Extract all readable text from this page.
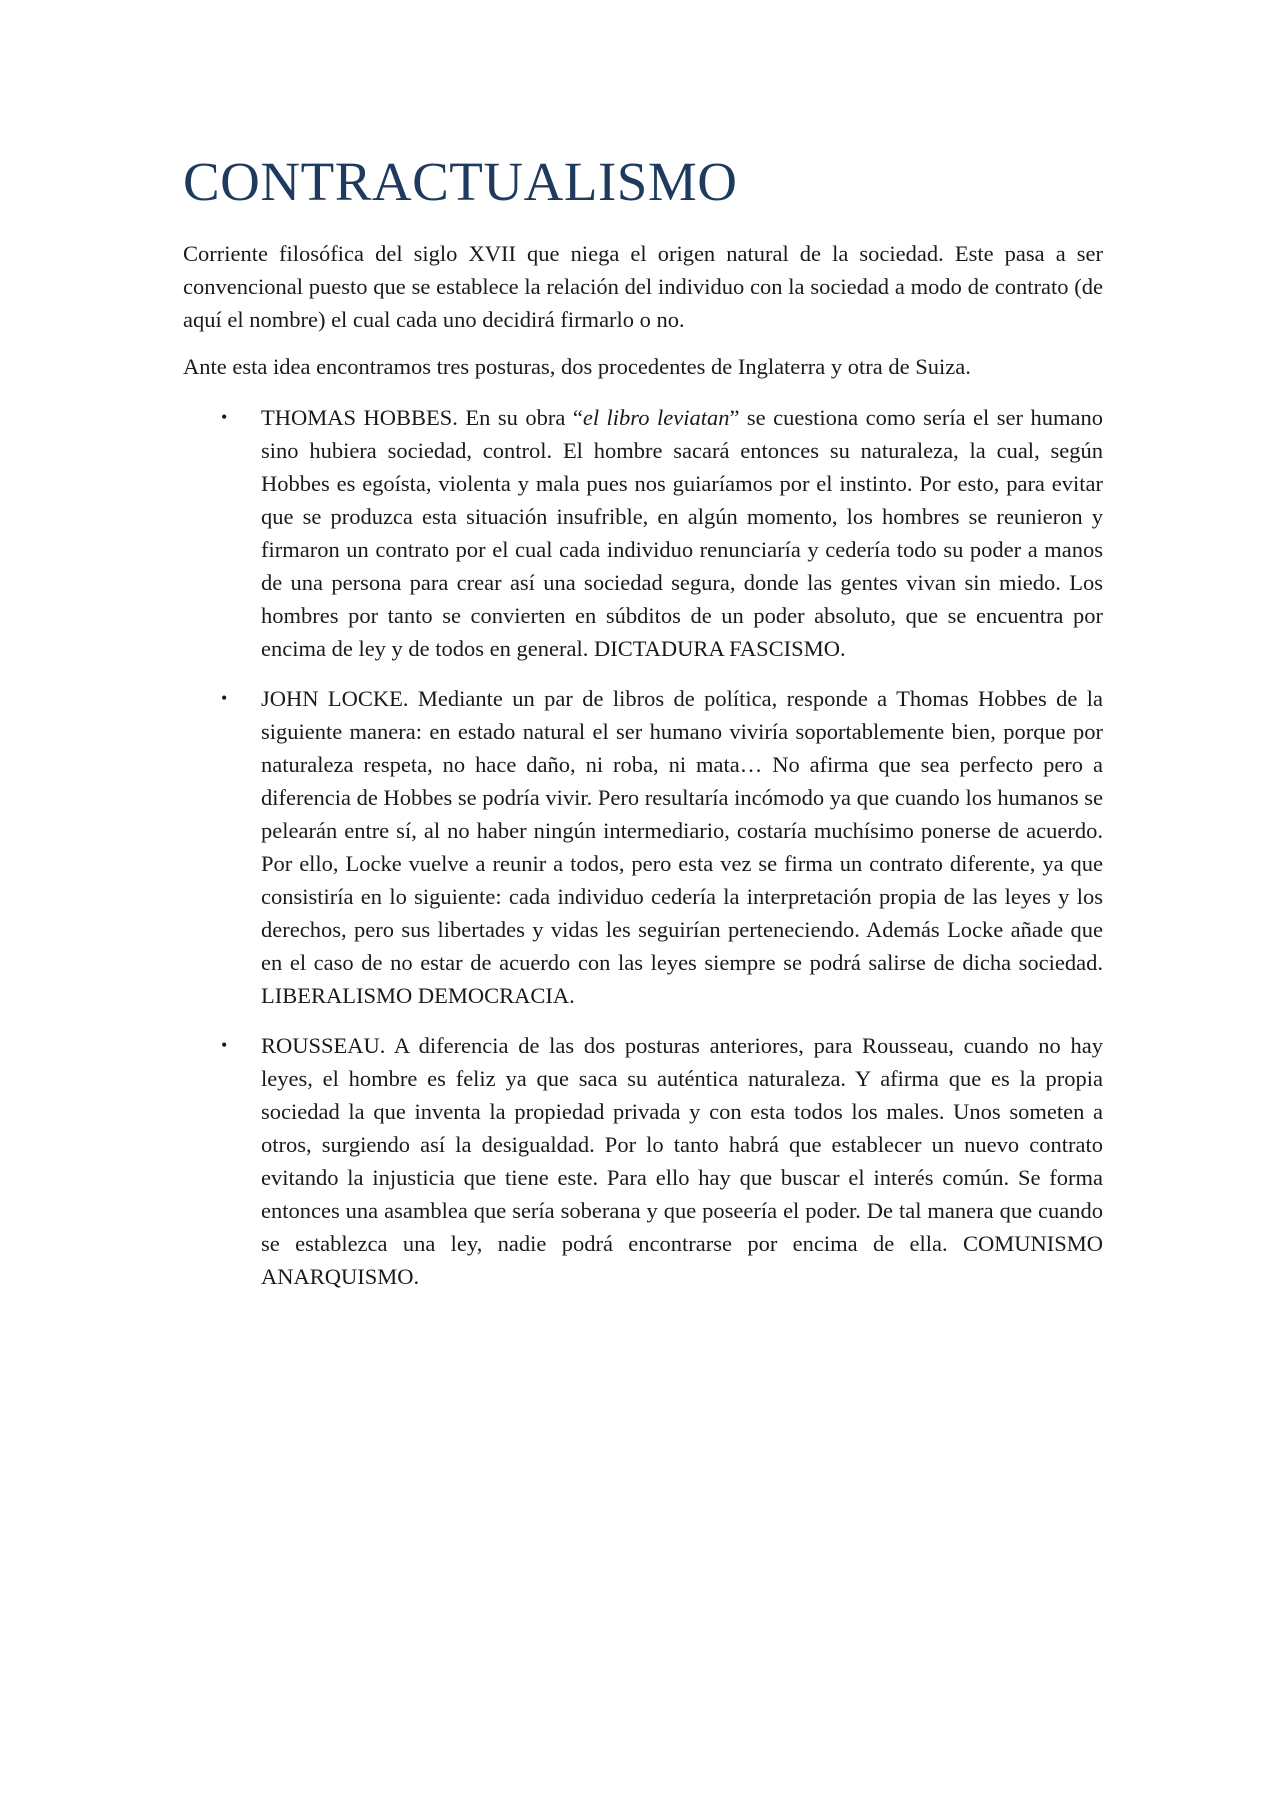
CONTRACTUALISMO

Corriente filosófica del siglo XVII que niega el origen natural de la sociedad. Este pasa a ser convencional puesto que se establece la relación del individuo con la sociedad a modo de contrato (de aquí el nombre) el cual cada uno decidirá firmarlo o no.

Ante esta idea encontramos tres posturas, dos procedentes de Inglaterra y otra de Suiza.

• THOMAS HOBBES. En su obra “el libro leviatan” se cuestiona como sería el ser humano sino hubiera sociedad, control. El hombre sacará entonces su naturaleza, la cual, según Hobbes es egoísta, violenta y mala pues nos guiaríamos por el instinto. Por esto, para evitar que se produzca esta situación insufrible, en algún momento, los hombres se reunieron y firmaron un contrato por el cual cada individuo renunciaría y cedería todo su poder a manos de una persona para crear así una sociedad segura, donde las gentes vivan sin miedo. Los hombres por tanto se convierten en súbditos de un poder absoluto, que se encuentra por encima de ley y de todos en general. DICTADURA FASCISMO.
• JOHN LOCKE. Mediante un par de libros de política, responde a Thomas Hobbes de la siguiente manera: en estado natural el ser humano viviría soportablemente bien, porque por naturaleza respeta, no hace daño, ni roba, ni mata… No afirma que sea perfecto pero a diferencia de Hobbes se podría vivir. Pero resultaría incómodo ya que cuando los humanos se pelearán entre sí, al no haber ningún intermediario, costaría muchísimo ponerse de acuerdo. Por ello, Locke vuelve a reunir a todos, pero esta vez se firma un contrato diferente, ya que consistiría en lo siguiente: cada individuo cedería la interpretación propia de las leyes y los derechos, pero sus libertades y vidas les seguirían perteneciendo. Además Locke añade que en el caso de no estar de acuerdo con las leyes siempre se podrá salirse de dicha sociedad. LIBERALISMO DEMOCRACIA.
• ROUSSEAU. A diferencia de las dos posturas anteriores, para Rousseau, cuando no hay leyes, el hombre es feliz ya que saca su auténtica naturaleza. Y afirma que es la propia sociedad la que inventa la propiedad privada y con esta todos los males. Unos someten a otros, surgiendo así la desigualdad. Por lo tanto habrá que establecer un nuevo contrato evitando la injusticia que tiene este. Para ello hay que buscar el interés común. Se forma entonces una asamblea que sería soberana y que poseería el poder. De tal manera que cuando se establezca una ley, nadie podrá encontrarse por encima de ella. COMUNISMO ANARQUISMO.
